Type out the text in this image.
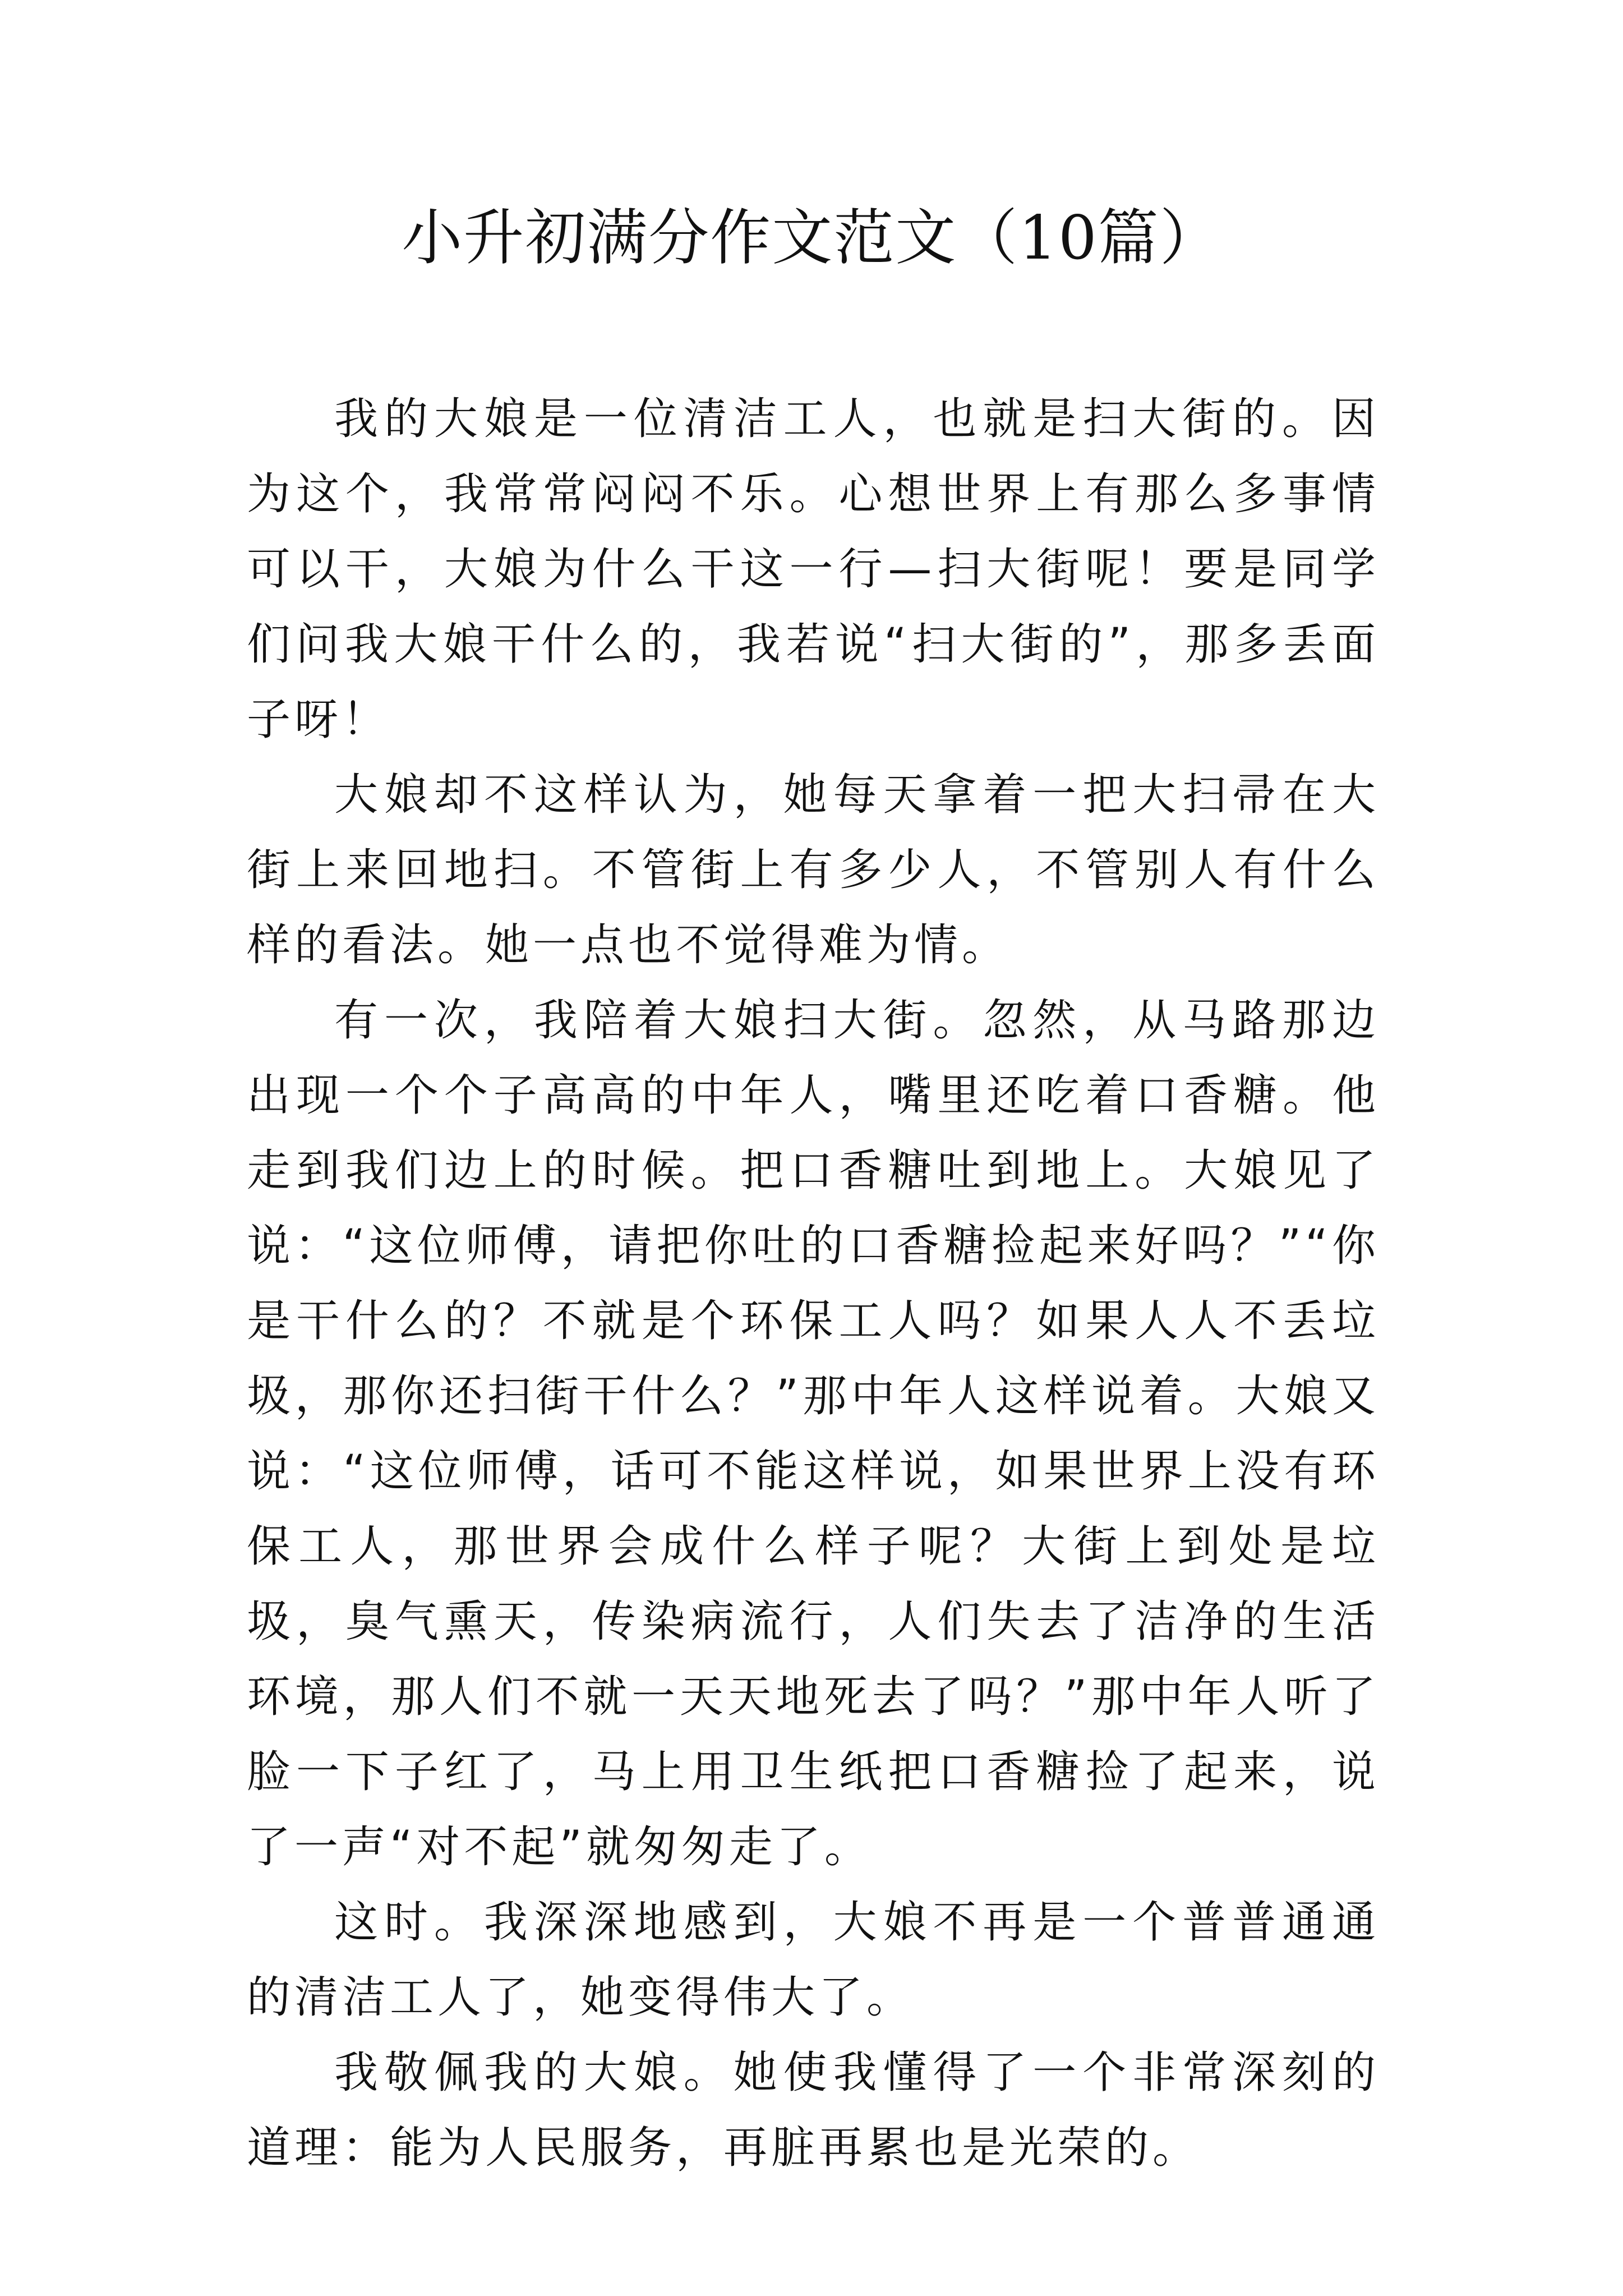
小升初满分作文范文（10篇）

我的大娘是一位清洁工人，也就是扫大街的。因为这个，我常常闷闷不乐。心想世界上有那么多事情可以干，大娘为什么干这一行—扫大街呢！要是同学们问我大娘干什么的，我若说“扫大街的”，那多丢面子呀！

大娘却不这样认为，她每天拿着一把大扫帚在大街上来回地扫。不管街上有多少人，不管别人有什么样的看法。她一点也不觉得难为情。

有一次，我陪着大娘扫大街。忽然，从马路那边出现一个个子高高的中年人，嘴里还吃着口香糖。他走到我们边上的时候。把口香糖吐到地上。大娘见了说：“这位师傅，请把你吐的口香糖捡起来好吗？”“你是干什么的？不就是个环保工人吗？如果人人不丢垃圾，那你还扫街干什么？”那中年人这样说着。大娘又说：“这位师傅，话可不能这样说，如果世界上没有环保工人，那世界会成什么样子呢？大街上到处是垃圾，臭气熏天，传染病流行，人们失去了洁净的生活环境，那人们不就一天天地死去了吗？”那中年人听了脸一下子红了，马上用卫生纸把口香糖捡了起来，说了一声“对不起”就匆匆走了。

这时。我深深地感到，大娘不再是一个普普通通的清洁工人了，她变得伟大了。

我敬佩我的大娘。她使我懂得了一个非常深刻的道理：能为人民服务，再脏再累也是光荣的。
